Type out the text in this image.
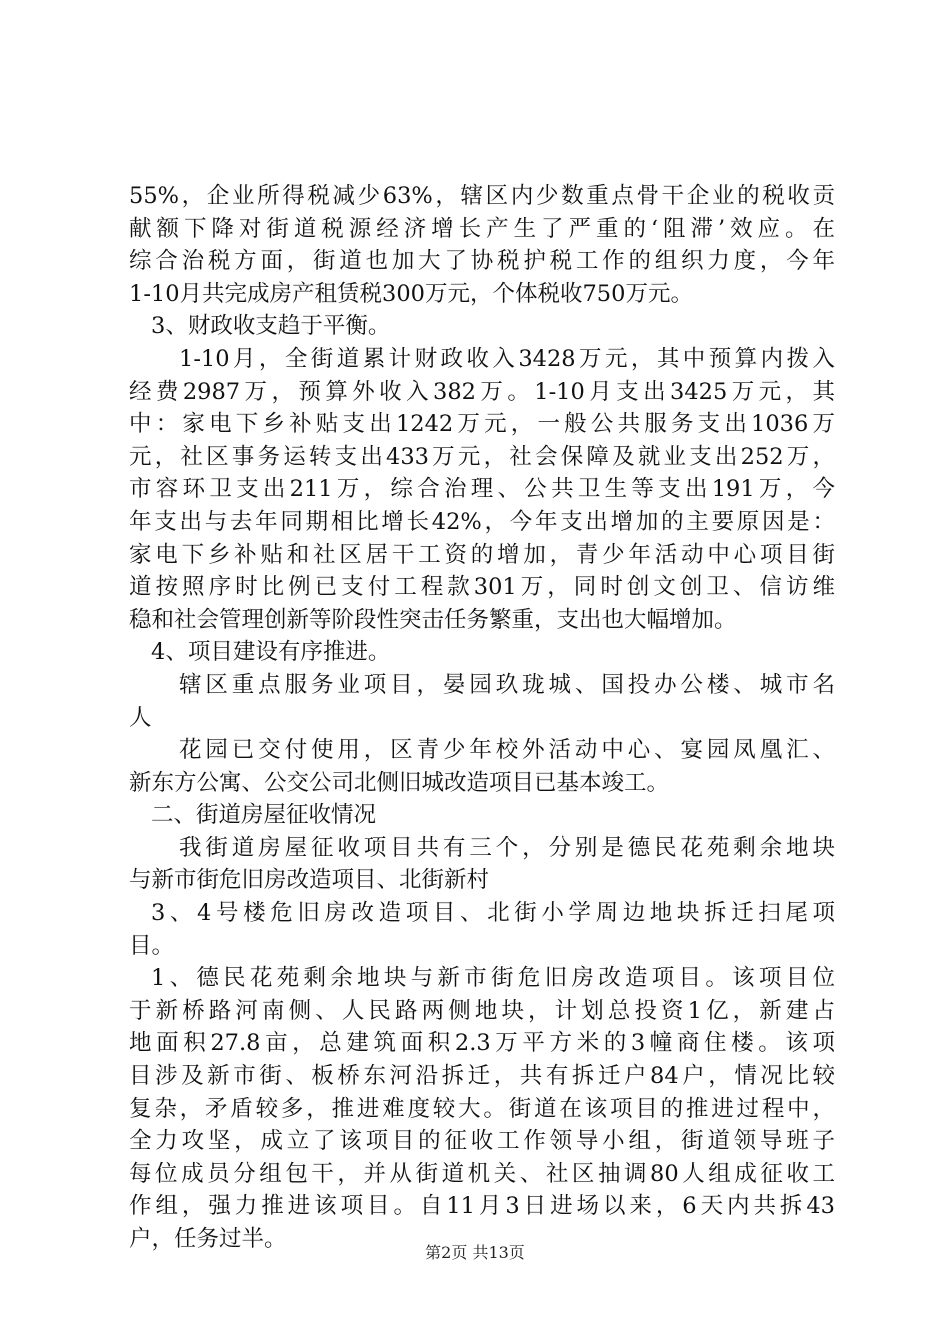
55%，企业所得税减少63%，辖区内少数重点骨干企业的税收贡
献额下降对街道税源经济增长产生了严重的‘阻滞’效应。在
综合治税方面，街道也加大了协税护税工作的组织力度，今年
1-10月共完成房产租赁税300万元，个体税收750万元。
3、财政收支趋于平衡。
1-10月，全街道累计财政收入3428万元，其中预算内拨入
经费2987万，预算外收入382万。1-10月支出3425万元，其
中：家电下乡补贴支出1242万元，一般公共服务支出1036万
元，社区事务运转支出433万元，社会保障及就业支出252万，
市容环卫支出211万，综合治理、公共卫生等支出191万，今
年支出与去年同期相比增长42%，今年支出增加的主要原因是：
家电下乡补贴和社区居干工资的增加，青少年活动中心项目街
道按照序时比例已支付工程款301万，同时创文创卫、信访维
稳和社会管理创新等阶段性突击任务繁重，支出也大幅增加。
4、项目建设有序推进。
辖区重点服务业项目，晏园玖珑城、国投办公楼、城市名
人
花园已交付使用，区青少年校外活动中心、宴园凤凰汇、
新东方公寓、公交公司北侧旧城改造项目已基本竣工。
二、街道房屋征收情况
我街道房屋征收项目共有三个，分别是德民花苑剩余地块
与新市街危旧房改造项目、北街新村
3、4号楼危旧房改造项目、北街小学周边地块拆迁扫尾项
目。
1、德民花苑剩余地块与新市街危旧房改造项目。该项目位
于新桥路河南侧、人民路两侧地块，计划总投资1亿，新建占
地面积27.8亩，总建筑面积2.3万平方米的3幢商住楼。该项
目涉及新市街、板桥东河沿拆迁，共有拆迁户84户，情况比较
复杂，矛盾较多，推进难度较大。街道在该项目的推进过程中，
全力攻坚，成立了该项目的征收工作领导小组，街道领导班子
每位成员分组包干，并从街道机关、社区抽调80人组成征收工
作组，强力推进该项目。自11月3日进场以来，6天内共拆43
户，任务过半。
第2页 共13页
